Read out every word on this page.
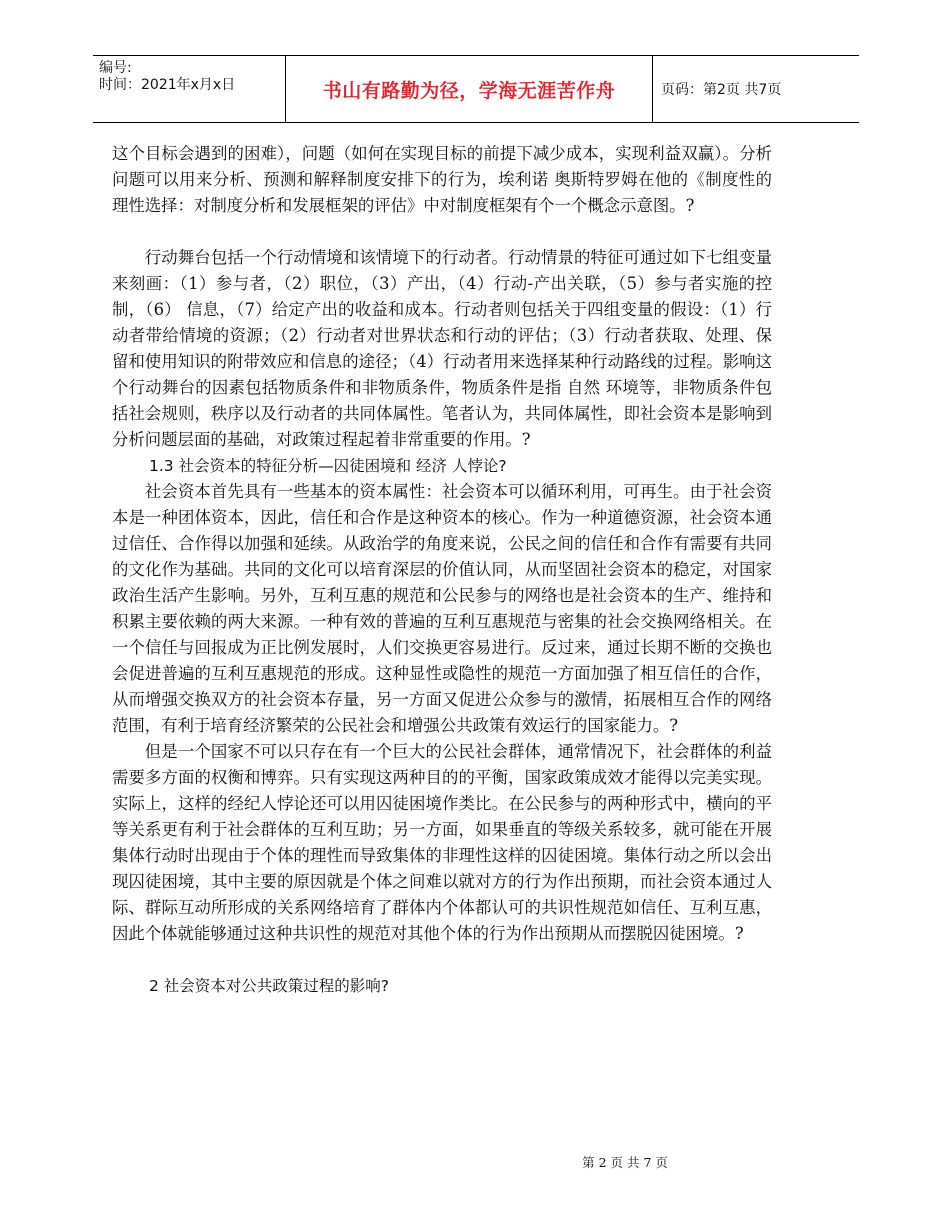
编号:
时间：2021年x月x日	书山有路勤为径，学海无涯苦作舟	页码：第2页 共7页

这个目标会遇到的困难），问题（如何在实现目标的前提下减少成本，实现利益双赢）。分析问题可以用来分析、预测和解释制度安排下的行为，埃利诺 奥斯特罗姆在他的《制度性的理性选择：对制度分析和发展框架的评估》中对制度框架有个一个概念示意图。?

行动舞台包括一个行动情境和该情境下的行动者。行动情景的特征可通过如下七组变量来刻画：（1）参与者，（2）职位，（3）产出，（4）行动-产出关联，（5）参与者实施的控制，（6） 信息，（7）给定产出的收益和成本。行动者则包括关于四组变量的假设：（1）行动者带给情境的资源；（2）行动者对世界状态和行动的评估；（3）行动者获取、处理、保留和使用知识的附带效应和信息的途径；（4）行动者用来选择某种行动路线的过程。影响这个行动舞台的因素包括物质条件和非物质条件，物质条件是指 自然 环境等，非物质条件包括社会规则，秩序以及行动者的共同体属性。笔者认为，共同体属性，即社会资本是影响到分析问题层面的基础，对政策过程起着非常重要的作用。?

1.3 社会资本的特征分析—囚徒困境和 经济 人悖论?

社会资本首先具有一些基本的资本属性：社会资本可以循环利用，可再生。由于社会资本是一种团体资本，因此，信任和合作是这种资本的核心。作为一种道德资源，社会资本通过信任、合作得以加强和延续。从政治学的角度来说，公民之间的信任和合作有需要有共同的文化作为基础。共同的文化可以培育深层的价值认同，从而坚固社会资本的稳定，对国家政治生活产生影响。另外，互利互惠的规范和公民参与的网络也是社会资本的生产、维持和积累主要依赖的两大来源。一种有效的普遍的互利互惠规范与密集的社会交换网络相关。在一个信任与回报成为正比例发展时，人们交换更容易进行。反过来，通过长期不断的交换也会促进普遍的互利互惠规范的形成。这种显性或隐性的规范一方面加强了相互信任的合作，从而增强交换双方的社会资本存量，另一方面又促进公众参与的激情，拓展相互合作的网络范围，有利于培育经济繁荣的公民社会和增强公共政策有效运行的国家能力。?

但是一个国家不可以只存在有一个巨大的公民社会群体，通常情况下，社会群体的利益需要多方面的权衡和博弈。只有实现这两种目的的平衡，国家政策成效才能得以完美实现。实际上，这样的经纪人悖论还可以用囚徒困境作类比。在公民参与的两种形式中，横向的平等关系更有利于社会群体的互利互助；另一方面，如果垂直的等级关系较多，就可能在开展集体行动时出现由于个体的理性而导致集体的非理性这样的囚徒困境。集体行动之所以会出现囚徒困境，其中主要的原因就是个体之间难以就对方的行为作出预期，而社会资本通过人际、群际互动所形成的关系网络培育了群体内个体都认可的共识性规范如信任、互利互惠，因此个体就能够通过这种共识性的规范对其他个体的行为作出预期从而摆脱囚徒困境。?

2 社会资本对公共政策过程的影响?

第 2 页 共 7 页
